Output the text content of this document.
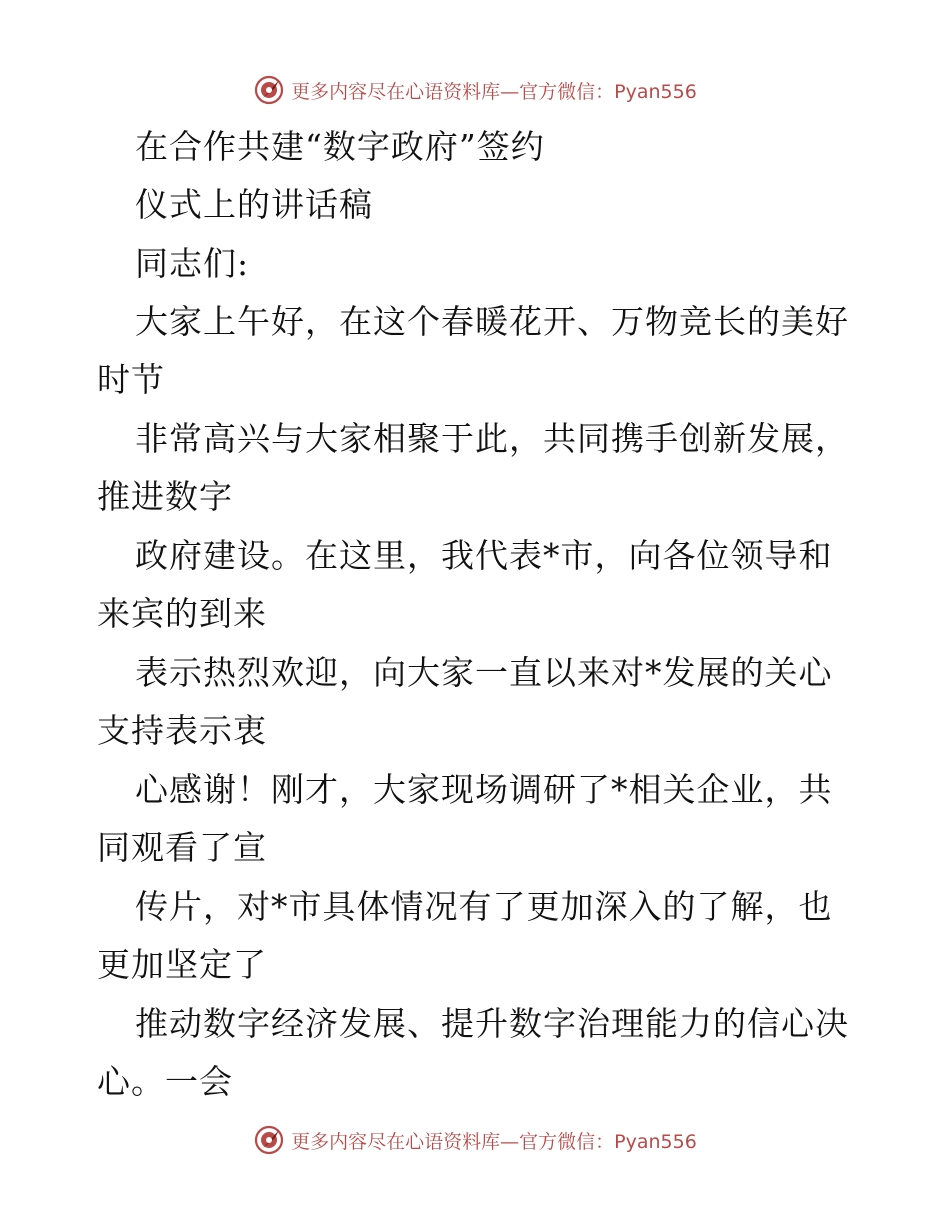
更多内容尽在心语资料库—官方微信：Pyan556
在合作共建“数字政府”签约
仪式上的讲话稿
同志们:
大家上午好，在这个春暖花开、万物竞长的美好
时节
非常高兴与大家相聚于此，共同携手创新发展，
推进数字
政府建设。在这里，我代表*市，向各位领导和
来宾的到来
表示热烈欢迎，向大家一直以来对*发展的关心
支持表示衷
心感谢！刚才，大家现场调研了*相关企业，共
同观看了宣
传片，对*市具体情况有了更加深入的了解，也
更加坚定了
推动数字经济发展、提升数字治理能力的信心决
心。一会
更多内容尽在心语资料库—官方微信：Pyan556
